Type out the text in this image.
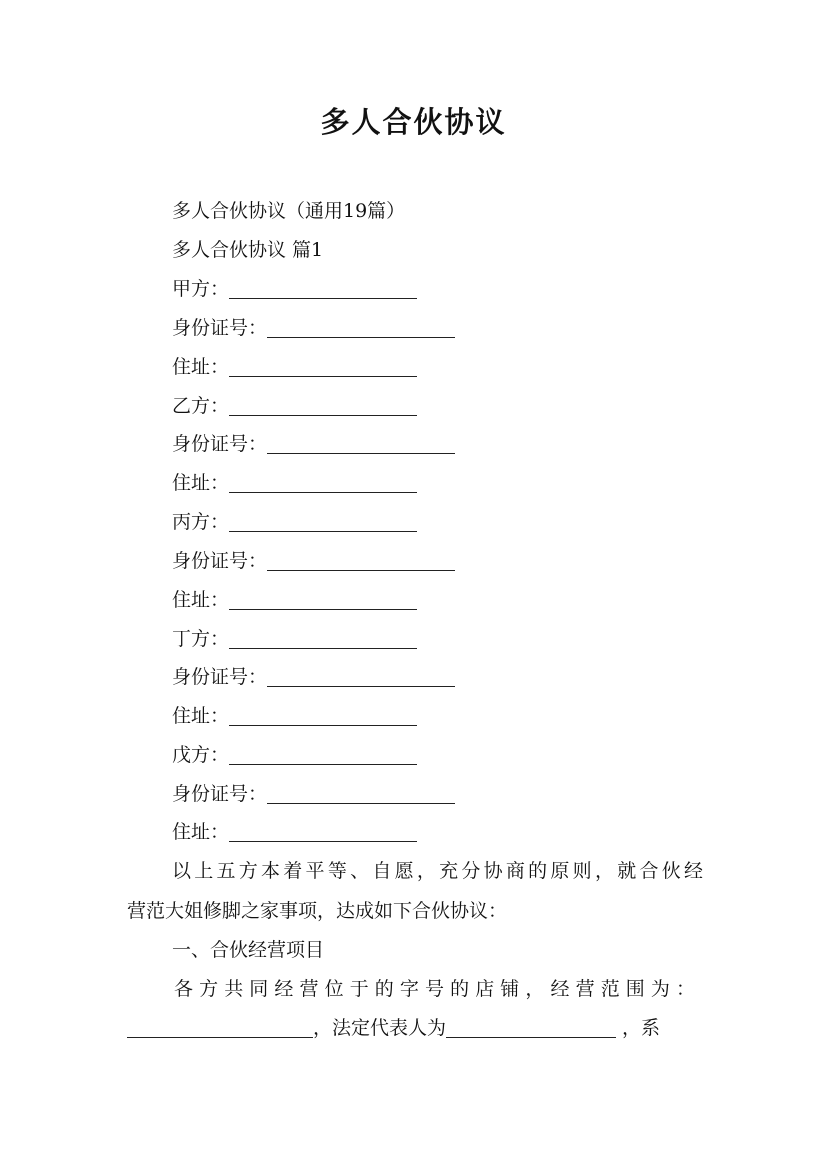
多人合伙协议
多人合伙协议（通用19篇）
多人合伙协议 篇1
甲方：
身份证号：
住址：
乙方：
身份证号：
住址：
丙方：
身份证号：
住址：
丁方：
身份证号：
住址：
戊方：
身份证号：
住址：
以上五方本着平等、自愿，充分协商的原则，就合伙经
营范大姐修脚之家事项，达成如下合伙协议：
一、合伙经营项目
各方共同经营位于的字号的店铺，经营范围为：
，法定代表人为	，系
